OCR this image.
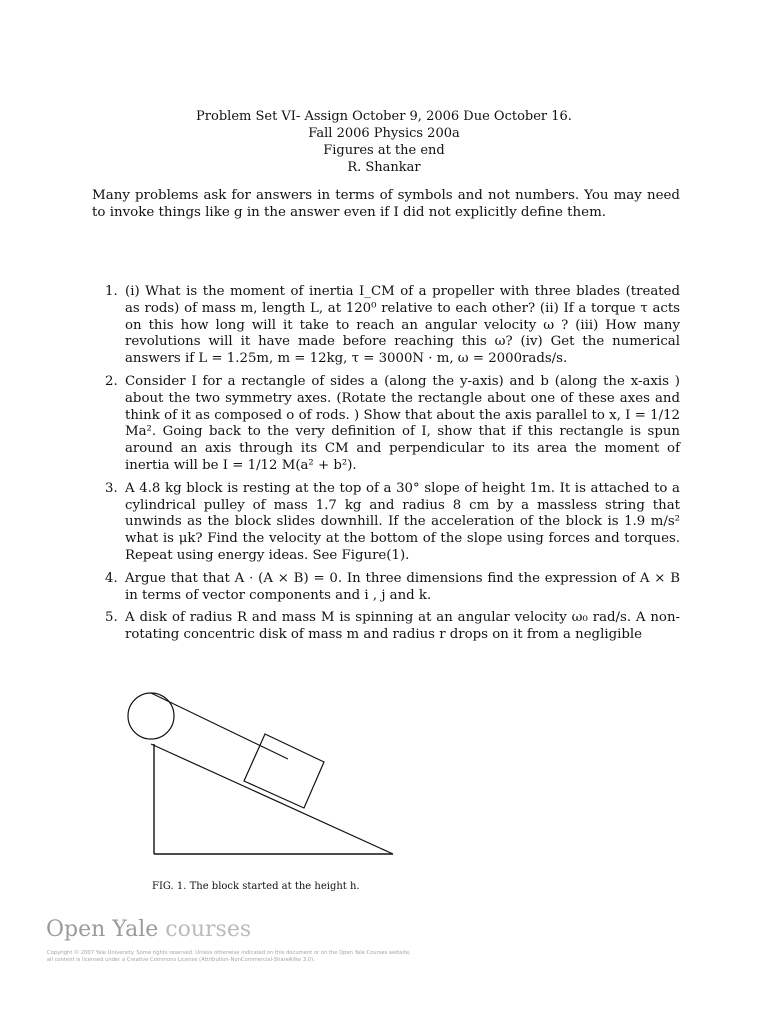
Problem Set VI- Assign October 9, 2006 Due October 16.
Fall 2006 Physics 200a
Figures at the end
R. Shankar
Many problems ask for answers in terms of symbols and not numbers. You may need to invoke things like g in the answer even if I did not explicitly define them.
1. (i) What is the moment of inertia I_CM of a propeller with three blades (treated as rods) of mass m, length L, at 120⁰ relative to each other? (ii) If a torque τ acts on this how long will it take to reach an angular velocity ω ? (iii) How many revolutions will it have made before reaching this ω? (iv) Get the numerical answers if L = 1.25m, m = 12kg, τ = 3000N · m, ω = 2000rads/s.
2. Consider I for a rectangle of sides a (along the y-axis) and b (along the x-axis ) about the two symmetry axes. (Rotate the rectangle about one of these axes and think of it as composed o of rods. ) Show that about the axis parallel to x, I = 1/12 Ma². Going back to the very definition of I, show that if this rectangle is spun around an axis through its CM and perpendicular to its area the moment of inertia will be I = 1/12 M(a² + b²).
3. A 4.8 kg block is resting at the top of a 30° slope of height 1m. It is attached to a cylindrical pulley of mass 1.7 kg and radius 8 cm by a massless string that unwinds as the block slides downhill. If the acceleration of the block is 1.9 m/s² what is μk? Find the velocity at the bottom of the slope using forces and torques. Repeat using energy ideas. See Figure(1).
4. Argue that that A · (A × B) = 0. In three dimensions find the expression of A × B in terms of vector components and i , j and k.
5. A disk of radius R and mass M is spinning at an angular velocity ω₀ rad/s. A non-rotating concentric disk of mass m and radius r drops on it from a negligible
FIG. 1. The block started at the height h.
Open Yale courses
Copyright © 2007 Yale University. Some rights reserved. Unless otherwise indicated on this document or on the Open Yale Courses website, all content is licensed under a Creative Commons License (Attribution-NonCommercial-ShareAlike 3.0).
